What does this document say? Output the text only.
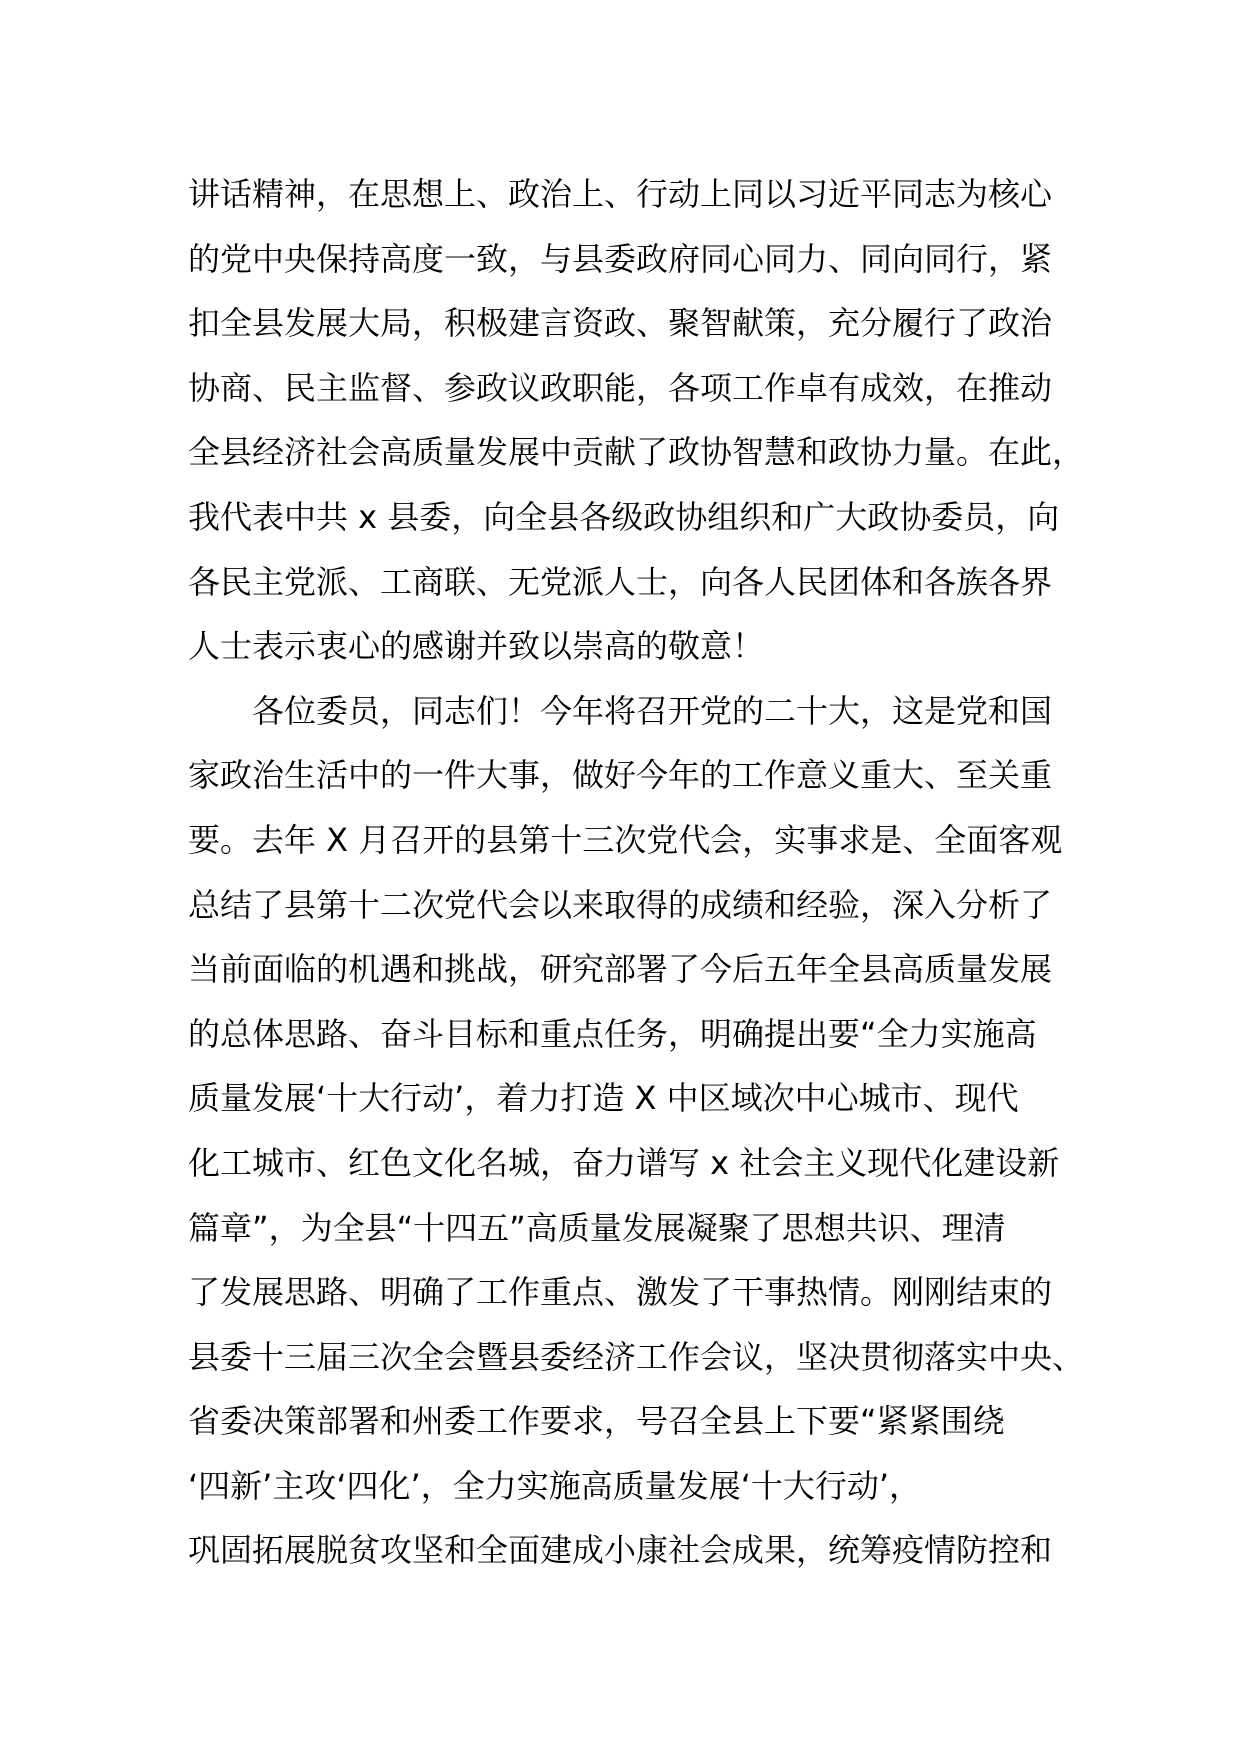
讲话精神，在思想上、政治上、行动上同以习近平同志为核心
的党中央保持高度一致，与县委政府同心同力、同向同行，紧
扣全县发展大局，积极建言资政、聚智献策，充分履行了政治
协商、民主监督、参政议政职能，各项工作卓有成效，在推动
全县经济社会高质量发展中贡献了政协智慧和政协力量。在此，
我代表中共 x 县委，向全县各级政协组织和广大政协委员，向
各民主党派、工商联、无党派人士，向各人民团体和各族各界
人士表示衷心的感谢并致以崇高的敬意！
各位委员，同志们！今年将召开党的二十大，这是党和国
家政治生活中的一件大事，做好今年的工作意义重大、至关重
要。去年 X 月召开的县第十三次党代会，实事求是、全面客观
总结了县第十二次党代会以来取得的成绩和经验，深入分析了
当前面临的机遇和挑战，研究部署了今后五年全县高质量发展
的总体思路、奋斗目标和重点任务，明确提出要“全力实施高
质量发展‘十大行动’，着力打造 X 中区域次中心城市、现代
化工城市、红色文化名城，奋力谱写 x 社会主义现代化建设新
篇章”，为全县“十四五”高质量发展凝聚了思想共识、理清
了发展思路、明确了工作重点、激发了干事热情。刚刚结束的
县委十三届三次全会暨县委经济工作会议，坚决贯彻落实中央、
省委决策部署和州委工作要求，号召全县上下要“紧紧围绕
‘四新’主攻‘四化’，全力实施高质量发展‘十大行动’，
巩固拓展脱贫攻坚和全面建成小康社会成果，统筹疫情防控和
